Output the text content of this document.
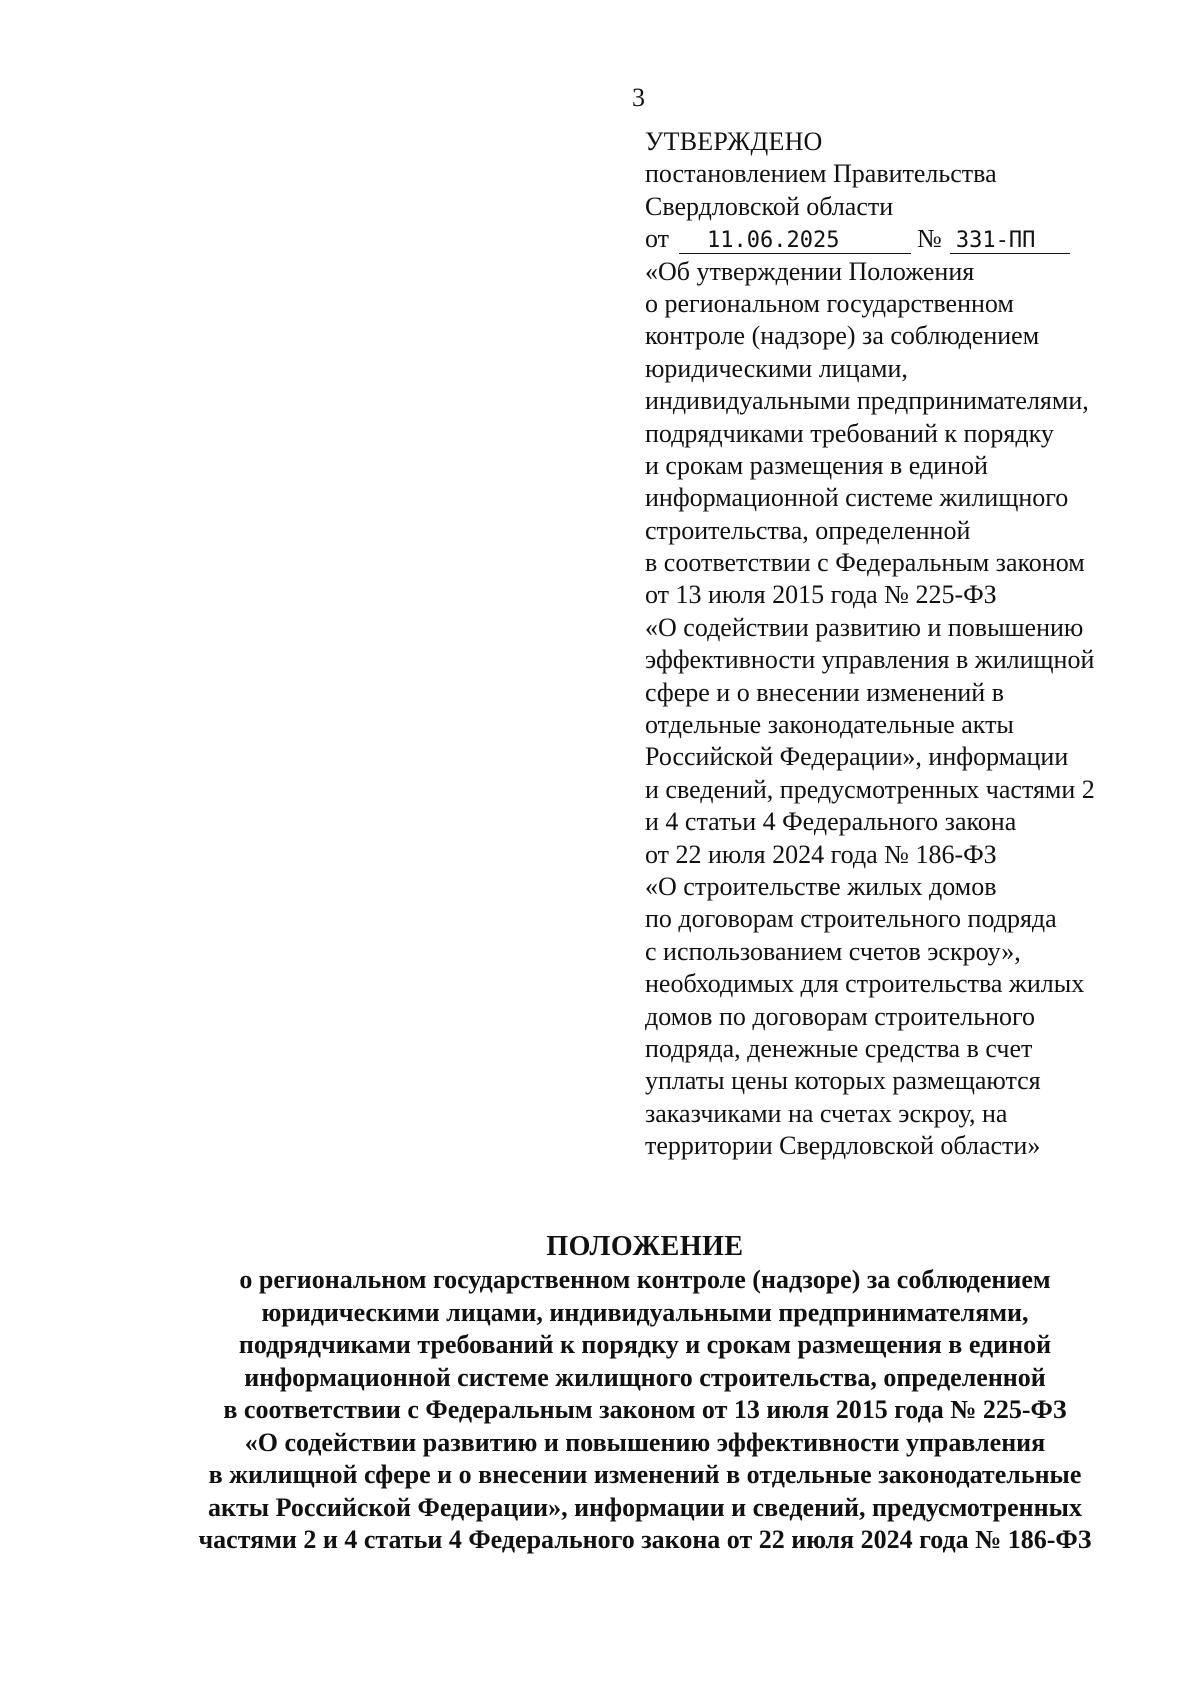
3
УТВЕРЖДЕНО
постановлением Правительства
Свердловской области
от	11.06.2025	№ 331-ПП
«Об утверждении Положения
о региональном государственном
контроле (надзоре) за соблюдением
юридическими лицами,
индивидуальными предпринимателями,
подрядчиками требований к порядку
и срокам размещения в единой
информационной системе жилищного
строительства, определенной
в соответствии с Федеральным законом
от 13 июля 2015 года № 225-ФЗ
«О содействии развитию и повышению
эффективности управления в жилищной
сфере и о внесении изменений в
отдельные законодательные акты
Российской Федерации», информации
и сведений, предусмотренных частями 2
и 4 статьи 4 Федерального закона
от 22 июля 2024 года № 186-ФЗ
«О строительстве жилых домов
по договорам строительного подряда
с использованием счетов эскроу»,
необходимых для строительства жилых
домов по договорам строительного
подряда, денежные средства в счет
уплаты цены которых размещаются
заказчиками на счетах эскроу, на
территории Свердловской области»
ПОЛОЖЕНИЕ
о региональном государственном контроле (надзоре) за соблюдением
юридическими лицами, индивидуальными предпринимателями,
подрядчиками требований к порядку и срокам размещения в единой
информационной системе жилищного строительства, определенной
в соответствии с Федеральным законом от 13 июля 2015 года № 225-ФЗ
«О содействии развитию и повышению эффективности управления
в жилищной сфере и о внесении изменений в отдельные законодательные
акты Российской Федерации», информации и сведений, предусмотренных
частями 2 и 4 статьи 4 Федерального закона от 22 июля 2024 года № 186-ФЗ
